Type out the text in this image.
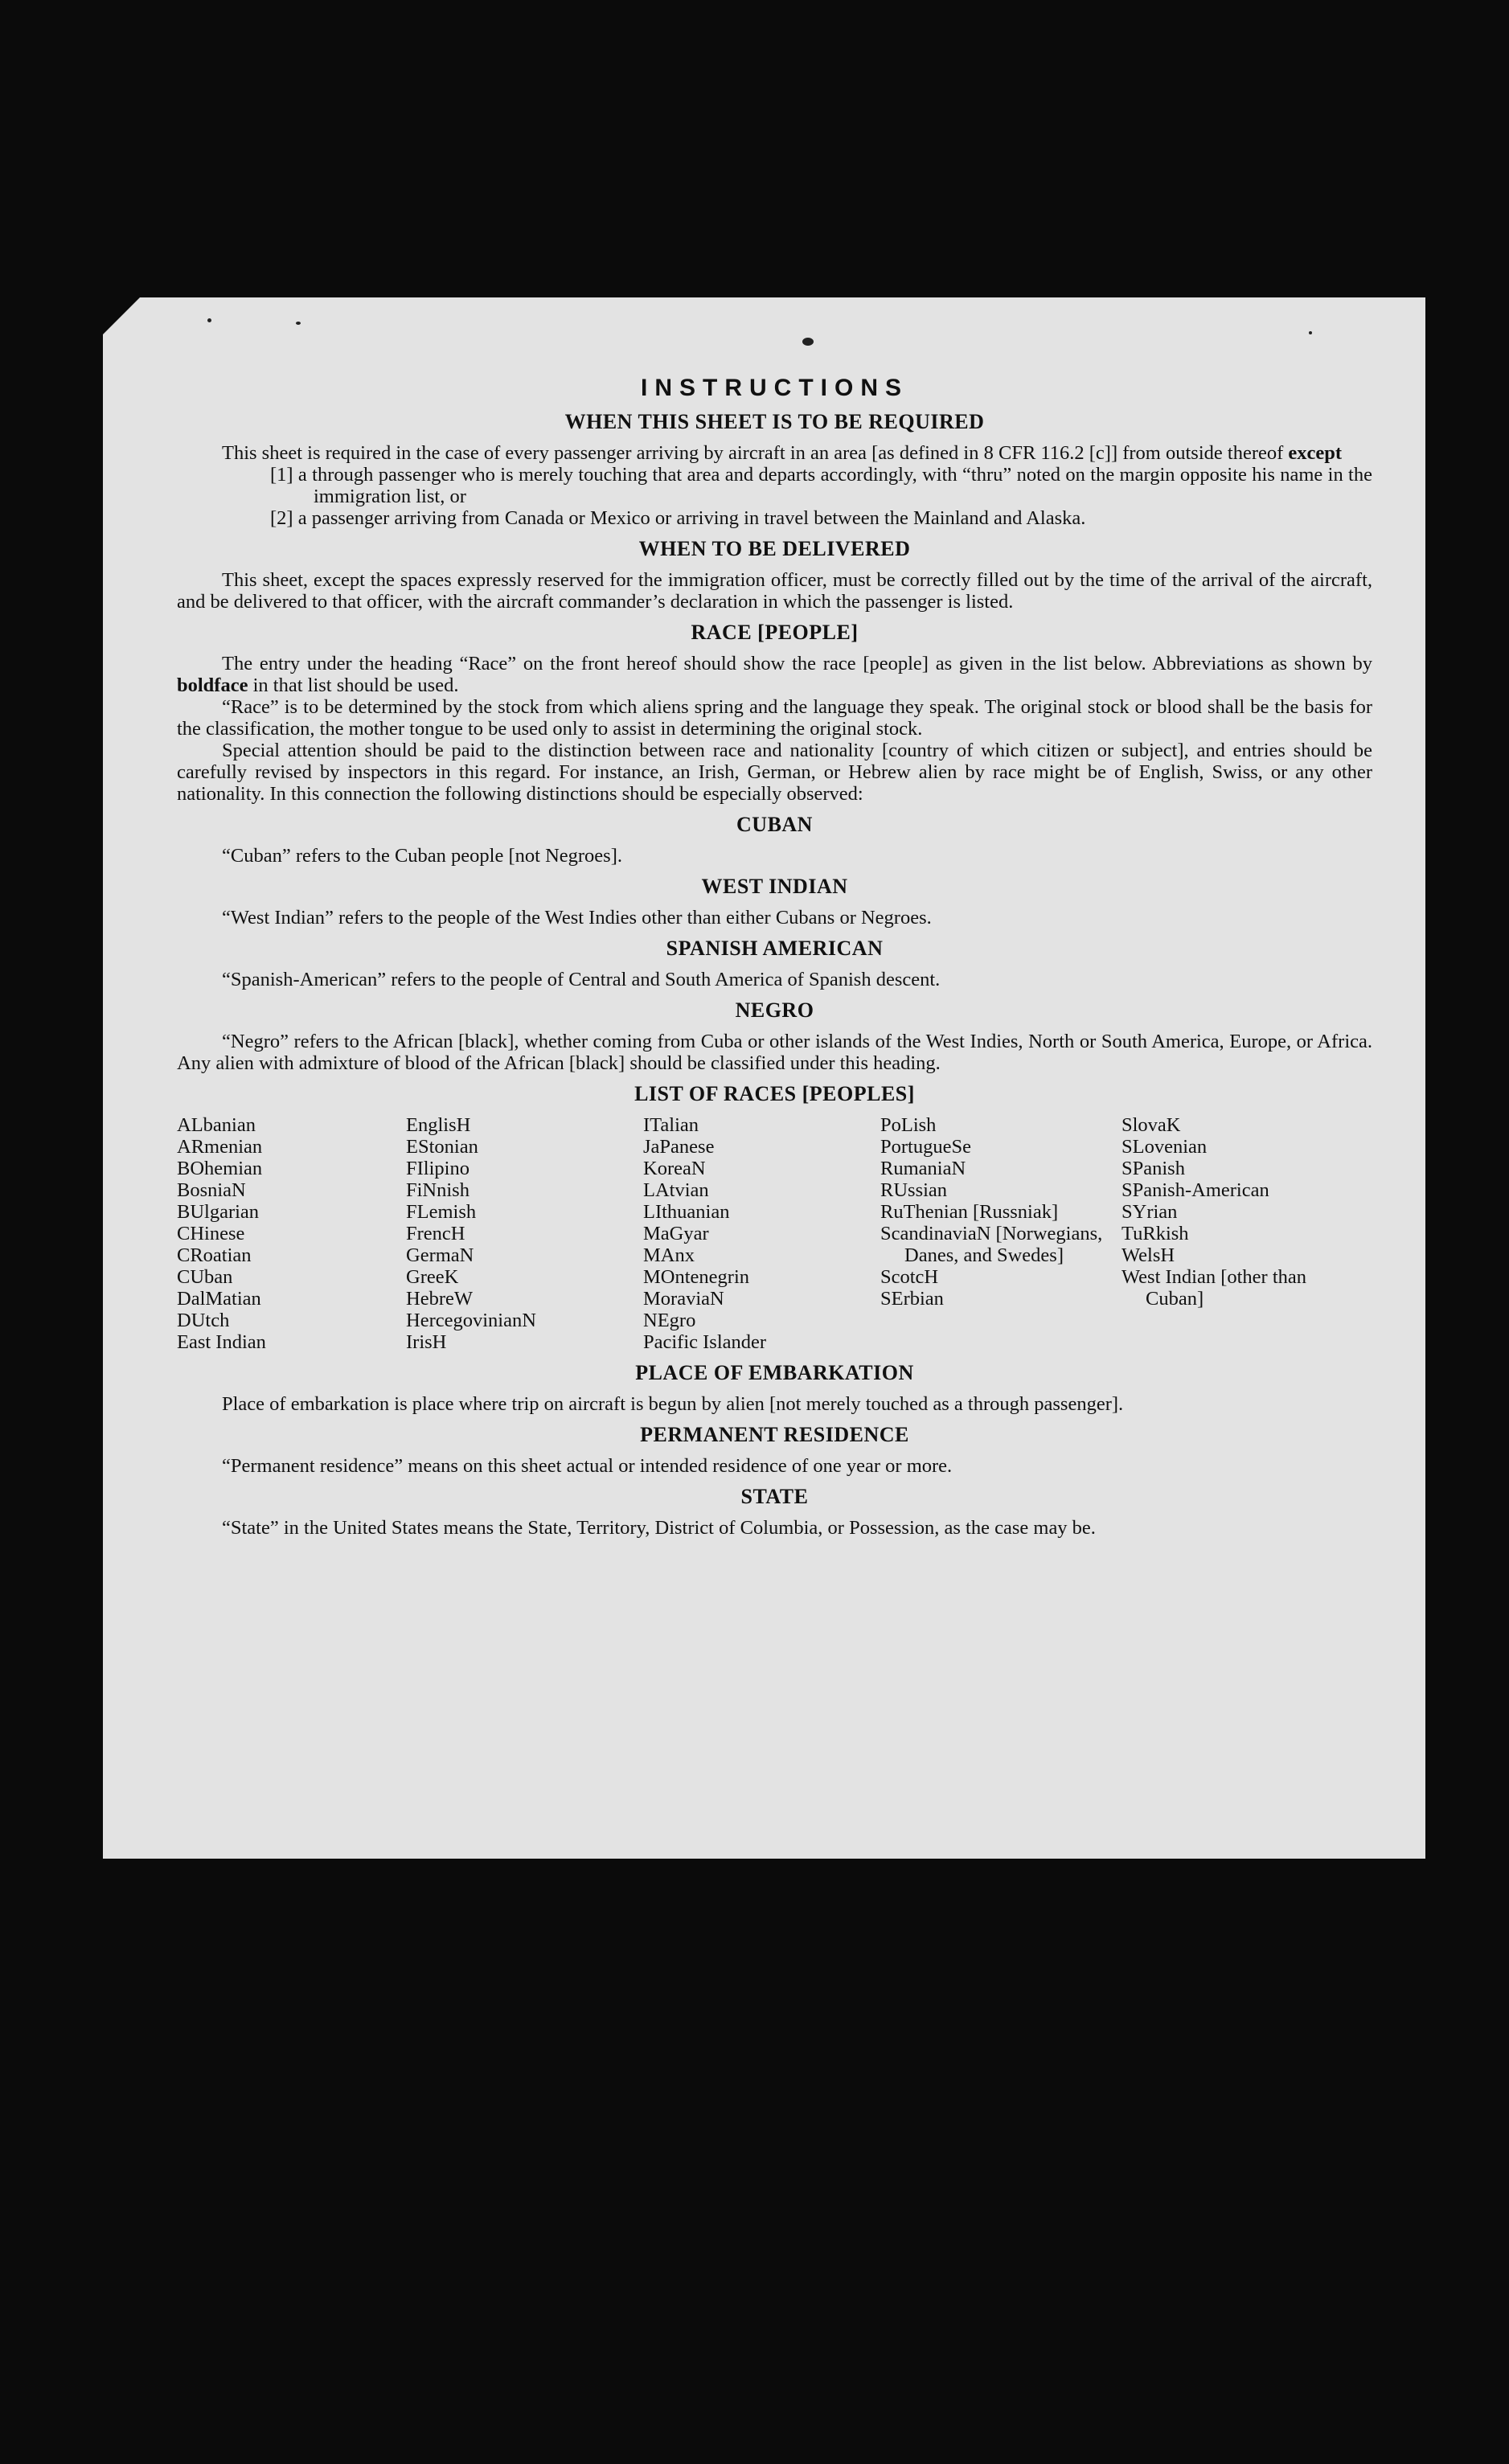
INSTRUCTIONS
WHEN THIS SHEET IS TO BE REQUIRED

This sheet is required in the case of every passenger arriving by aircraft in an area [as defined in 8 CFR 116.2 [c]] from outside thereof except

[1] a through passenger who is merely touching that area and departs accordingly, with “thru” noted on the margin opposite his name in the immigration list, or
[2] a passenger arriving from Canada or Mexico or arriving in travel between the Mainland and Alaska.
WHEN TO BE DELIVERED

This sheet, except the spaces expressly reserved for the immigration officer, must be correctly filled out by the time of the arrival of the aircraft, and be delivered to that officer, with the aircraft commander’s declaration in which the passenger is listed.

RACE [PEOPLE]

The entry under the heading “Race” on the front hereof should show the race [people] as given in the list below. Abbreviations as shown by boldface in that list should be used.

“Race” is to be determined by the stock from which aliens spring and the language they speak. The original stock or blood shall be the basis for the classification, the mother tongue to be used only to assist in determining the original stock.

Special attention should be paid to the distinction between race and nationality [country of which citizen or subject], and entries should be carefully revised by inspectors in this regard. For instance, an Irish, German, or Hebrew alien by race might be of English, Swiss, or any other nationality. In this connection the following distinctions should be especially observed:

CUBAN

“Cuban” refers to the Cuban people [not Negroes].

WEST INDIAN

“West Indian” refers to the people of the West Indies other than either Cubans or Negroes.

SPANISH AMERICAN

“Spanish-American” refers to the people of Central and South America of Spanish descent.

NEGRO

“Negro” refers to the African [black], whether coming from Cuba or other islands of the West Indies, North or South America, Europe, or Africa. Any alien with admixture of blood of the African [black] should be classified under this heading.

LIST OF RACES [PEOPLES]
ALbanian
ARmenian
BOhemian
BosniaN
BUlgarian
CHinese
CRoatian
CUban
DalMatian
DUtch
East Indian
EnglisH
EStonian
FIlipino
FiNnish
FLemish
FrencH
GermaN
GreeK
HebreW
HercegovinianN
IrisH
ITalian
JaPanese
KoreaN
LAtvian
LIthuanian
MaGyar
MAnx
MOntenegrin
MoraviaN
NEgro
Pacific Islander
PoLish
PortugueSe
RumaniaN
RUssian
RuThenian [Russniak]
ScandinaviaN [Norwegians, Danes, and Swedes]
ScotcH
SErbian
SlovaK
SLovenian
SPanish
SPanish-American
SYrian
TuRkish
WelsH
West Indian [other than Cuban]
PLACE OF EMBARKATION

Place of embarkation is place where trip on aircraft is begun by alien [not merely touched as a through passenger].

PERMANENT RESIDENCE

“Permanent residence” means on this sheet actual or intended residence of one year or more.

STATE

“State” in the United States means the State, Territory, District of Columbia, or Possession, as the case may be.
